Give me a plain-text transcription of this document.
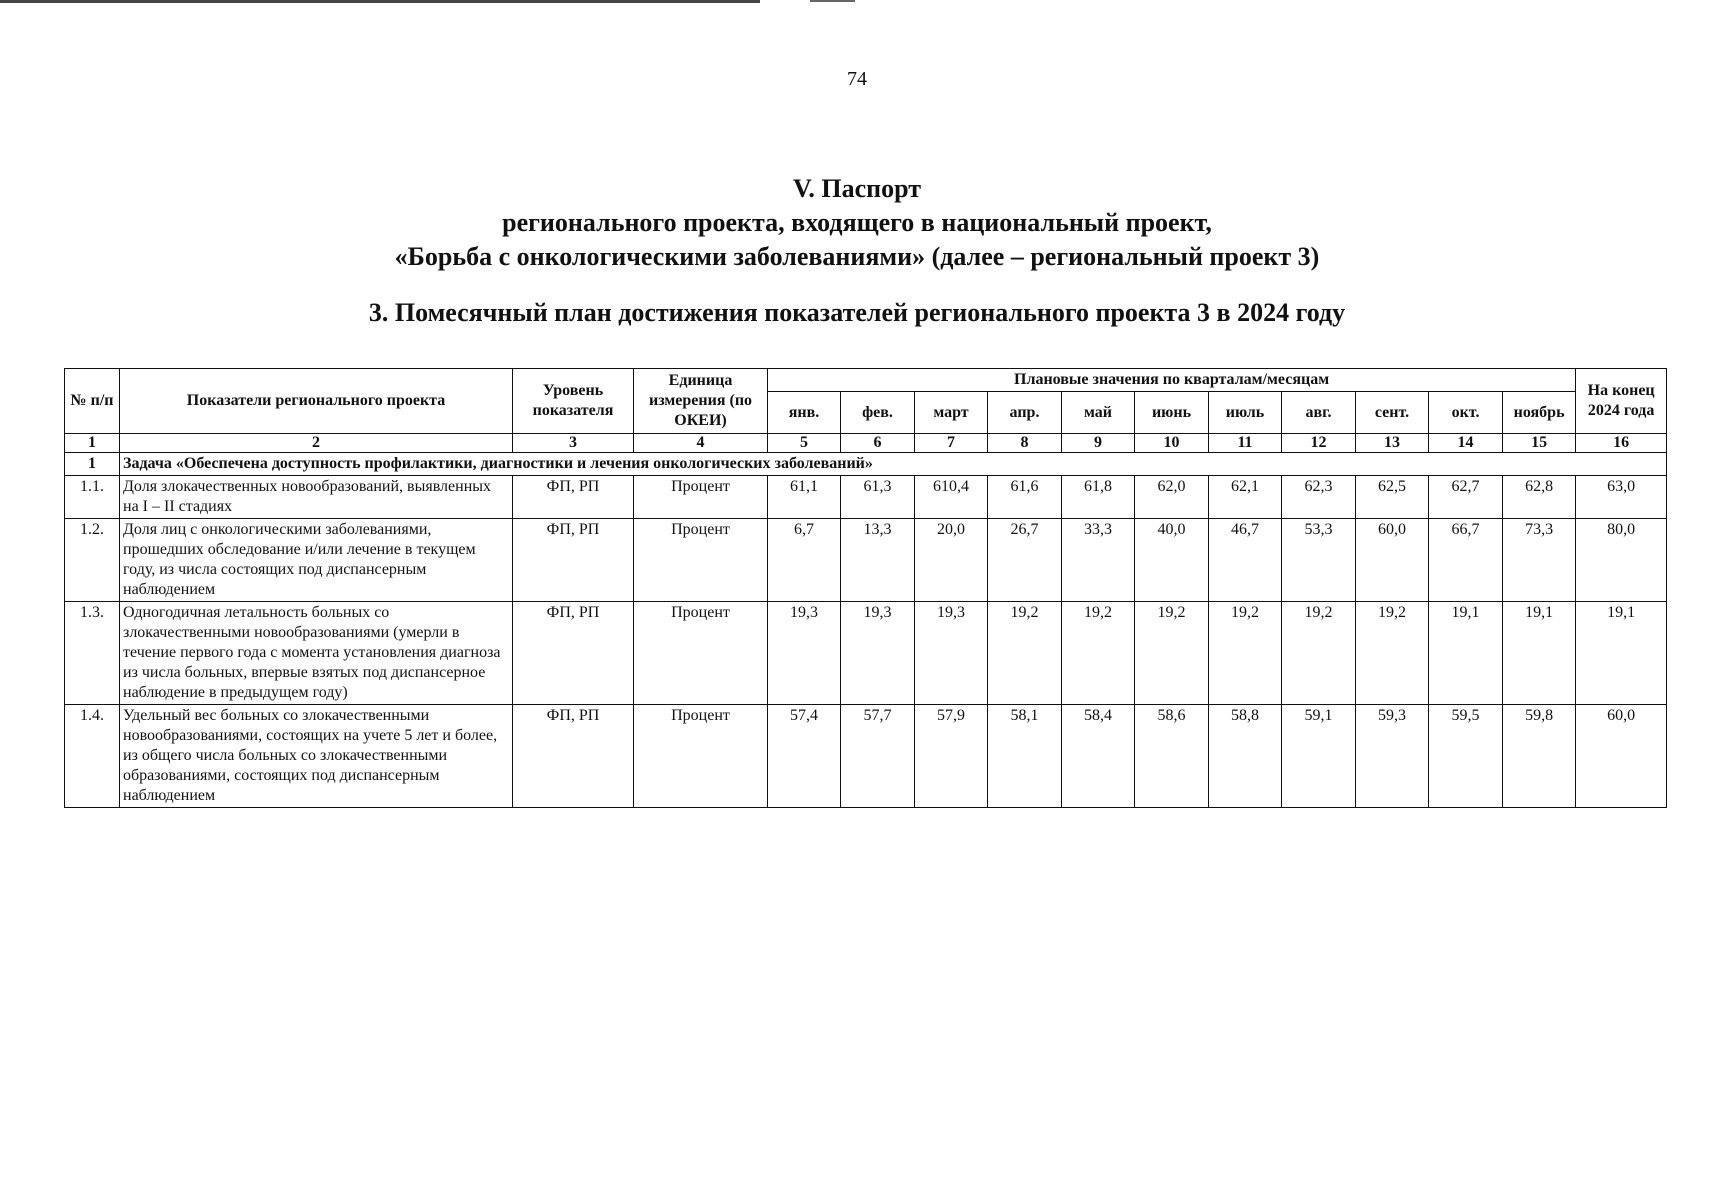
74
V. Паспорт
регионального проекта, входящего в национальный проект,
«Борьба с онкологическими заболеваниями» (далее – региональный проект 3)
3. Помесячный план достижения показателей регионального проекта 3 в 2024 году
№ п/п	Показатели регионального проекта	Уровень показателя	Единица измерения (по ОКЕИ)	Плановые значения по кварталам/месяцам											На конец 2024 года
				янв.	фев.	март	апр.	май	июнь	июль	авг.	сент.	окт.	ноябрь	
1	2	3	4	5	6	7	8	9	10	11	12	13	14	15	16
1	Задача «Обеспечена доступность профилактики, диагностики и лечения онкологических заболеваний»														
1.1.	Доля злокачественных новообразований, выявленных на I – II стадиях	ФП, РП	Процент	61,1	61,3	610,4	61,6	61,8	62,0	62,1	62,3	62,5	62,7	62,8	63,0
1.2.	Доля лиц с онкологическими заболеваниями, прошедших обследование и/или лечение в текущем году, из числа состоящих под диспансерным наблюдением	ФП, РП	Процент	6,7	13,3	20,0	26,7	33,3	40,0	46,7	53,3	60,0	66,7	73,3	80,0
1.3.	Одногодичная летальность больных со злокачественными новообразованиями (умерли в течение первого года с момента установления диагноза из числа больных, впервые взятых под диспансерное наблюдение в предыдущем году)	ФП, РП	Процент	19,3	19,3	19,3	19,2	19,2	19,2	19,2	19,2	19,2	19,1	19,1	19,1
1.4.	Удельный вес больных со злокачественными новообразованиями, состоящих на учете 5 лет и более, из общего числа больных со злокачественными образованиями, состоящих под диспансерным наблюдением	ФП, РП	Процент	57,4	57,7	57,9	58,1	58,4	58,6	58,8	59,1	59,3	59,5	59,8	60,0
